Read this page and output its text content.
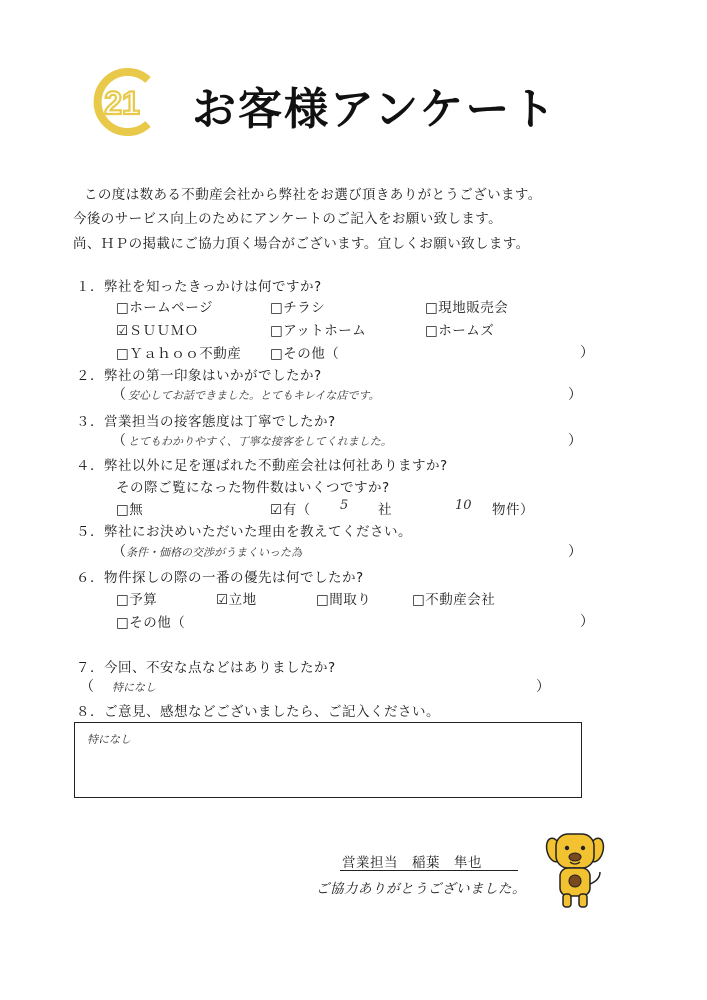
21 お客様アンケート
この度は数ある不動産会社から弊社をお選び頂きありがとうございます。
今後のサービス向上のためにアンケートのご記入をお願い致します。
尚、ＨＰの掲載にご協力頂く場合がございます。宜しくお願い致します。
１．弊社を知ったきっかけは何ですか?
□ホームページ	□チラシ	□現地販売会
☑ＳＵＵＭＯ	□アットホーム	□ホームズ
□Ｙａｈｏｏ不動産 □その他（	）
２．弊社の第一印象はいかがでしたか?
（ 安心してお話できました。とてもキレイな店です。	）
３．営業担当の接客態度は丁寧でしたか?
（ とてもわかりやすく、丁寧な接客をしてくれました。	）
４．弊社以外に足を運ばれた不動産会社は何社ありますか?
その際ご覧になった物件数はいくつですか?
□無	☑有（ 5 社	10 物件）
５．弊社にお決めいただいた理由を教えてください。
（ 条件・価格の交渉がうまくいった為	）
６．物件探しの際の一番の優先は何でしたか?
□予算	☑立地	□間取り	□不動産会社
□その他（	）
７．今回、不安な点などはありましたか?
（ 特になし	）
８．ご意見、感想などございましたら、ご記入ください。
特になし
営業担当　稲葉　隼也
ご協力ありがとうございました。
